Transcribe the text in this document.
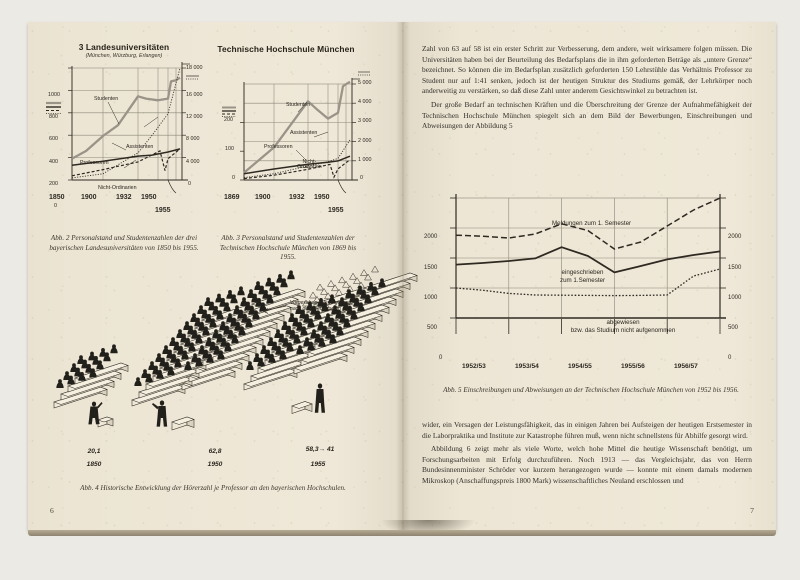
3 Landesuniversitäten
(München, Würzburg, Erlangen)
1000
800
600
400
200
0
18 000
16 000
12 000
8 000
4 000
0
1850 1900	1932 1950
1955
Studenten
Assistenten
Professoren
Nicht-Ordinarien
Abb. 2 Personalstand und Studentenzahlen der drei bayerischen Landesuniversitäten von 1850 bis 1955.
Technische Hochschule München
200
100
0
5 000
4 000
3 000
2 000
1 000
0
1869 1900	1932 1950
1955
Studenten
Assistenten
Professoren
Nicht-
Ordinarien
Abb. 3 Personalstand und Studentenzahlen der Technischen Hochschule München von 1869 bis 1955.
Vorgesehene Verringerung
nach dem Bedarfsplan
20,1
1850
62,8
1950
58,3→ 41
1955
Abb. 4 Historische Entwicklung der Hörerzahl je Professor an den bayerischen Hochschulen.
6

Zahl von 63 auf 58 ist ein erster Schritt zur Verbesserung, dem andere, weit wirksamere folgen müssen. Die Universitäten haben bei der Beurteilung des Bedarfsplans die in ihm geforderten Beträge als „untere Grenze“ bezeichnet. So können die im Bedarfsplan zusätzlich geforderten 150 Lehrstühle das Verhältnis Professor zu Student nur auf 1:41 senken, jedoch ist der heutigen Struktur des Studiums gemäß, der Lehrkörper noch anderweitig zu verstärken, so daß diese Zahl unter anderem Gesichtswinkel zu betrachten ist.

Der große Bedarf an technischen Kräften und die Überschreitung der Grenze der Aufnahmefähigkeit der Technischen Hochschule München spiegelt sich an dem Bild der Bewerbungen, Einschreibungen und Abweisungen der Abbildung 5

1500
1000
500
0
2000	2000
1500
1000
500
0
1952/53	1953/54	1954/55	1955/56	1956/57
Meldungen zum 1. Semester
eingeschrieben
zum 1.Semester
abgewiesen
bzw. das Studium nicht aufgenommen
Abb. 5 Einschreibungen und Abweisungen an der Technischen Hochschule München von 1952 bis 1956.

wider, ein Versagen der Leistungsfähigkeit, das in einigen Jahren bei Aufsteigen der heutigen Erstsemester in die Laborpraktika und Institute zur Katastrophe führen muß, wenn nicht schnellstens für Abhilfe gesorgt wird.

Abbildung 6 zeigt mehr als viele Worte, welch hohe Mittel die heutige Wissenschaft benötigt, um Forschungsarbeiten mit Erfolg durchzuführen. Noch 1913 — das Vergleichsjahr, das von Herrn Bundesinnenminister Schröder vor kurzem herangezogen wurde — konnte mit einem damals modernen Mikroskop (Anschaffungspreis 1800 Mark) wissenschaftliches Neuland erschlossen und

7
